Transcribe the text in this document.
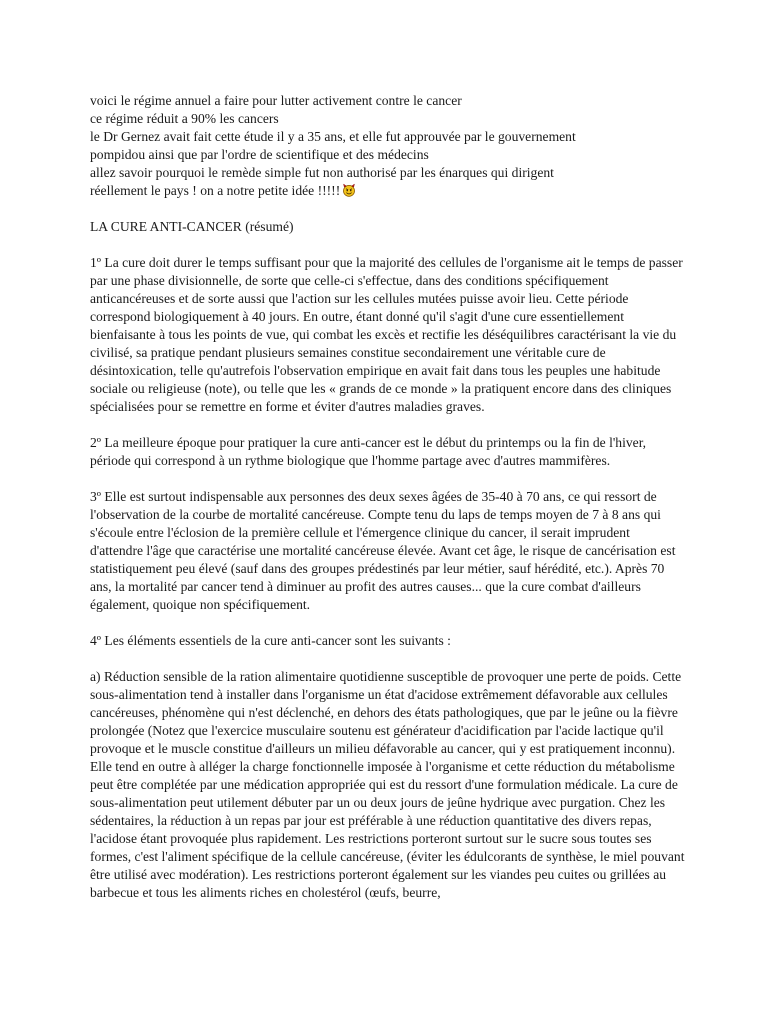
voici le régime annuel a faire pour lutter activement contre le cancer
ce régime réduit a 90% les cancers
le Dr Gernez avait fait cette étude il y a 35 ans, et elle fut approuvée par le gouvernement
pompidou ainsi que par l'ordre de scientifique et des médecins
allez savoir pourquoi le remède simple fut non authorisé par les énarques qui dirigent
réellement le pays ! on a notre petite idée !!!!!
LA CURE ANTI-CANCER (résumé)

1º La cure doit durer le temps suffisant pour que la majorité des cellules de l'organisme ait le temps de passer par une phase divisionnelle, de sorte que celle-ci s'effectue, dans des conditions spécifiquement anticancéreuses et de sorte aussi que l'action sur les cellules mutées puisse avoir lieu. Cette période correspond biologiquement à 40 jours. En outre, étant donné qu'il s'agit d'une cure essentiellement bienfaisante à tous les points de vue, qui combat les excès et rectifie les déséquilibres caractérisant la vie du civilisé, sa pratique pendant plusieurs semaines constitue secondairement une véritable cure de désintoxication, telle qu'autrefois l'observation empirique en avait fait dans tous les peuples une habitude sociale ou religieuse (note), ou telle que les « grands de ce monde » la pratiquent encore dans des cliniques spécialisées pour se remettre en forme et éviter d'autres maladies graves.

2º La meilleure époque pour pratiquer la cure anti-cancer est le début du printemps ou la fin de l'hiver, période qui correspond à un rythme biologique que l'homme partage avec d'autres mammifères.

3º Elle est surtout indispensable aux personnes des deux sexes âgées de 35-40 à 70 ans, ce qui ressort de l'observation de la courbe de mortalité cancéreuse. Compte tenu du laps de temps moyen de 7 à 8 ans qui s'écoule entre l'éclosion de la première cellule et l'émergence clinique du cancer, il serait imprudent d'attendre l'âge que caractérise une mortalité cancéreuse élevée. Avant cet âge, le risque de cancérisation est statistiquement peu élevé (sauf dans des groupes prédestinés par leur métier, sauf hérédité, etc.). Après 70 ans, la mortalité par cancer tend à diminuer au profit des autres causes... que la cure combat d'ailleurs également, quoique non spécifiquement.

4º Les éléments essentiels de la cure anti-cancer sont les suivants :

a) Réduction sensible de la ration alimentaire quotidienne susceptible de provoquer une perte de poids. Cette sous-alimentation tend à installer dans l'organisme un état d'acidose extrêmement défavorable aux cellules cancéreuses, phénomène qui n'est déclenché, en dehors des états pathologiques, que par le jeûne ou la fièvre prolongée (Notez que l'exercice musculaire soutenu est générateur d'acidification par l'acide lactique qu'il provoque et le muscle constitue d'ailleurs un milieu défavorable au cancer, qui y est pratiquement inconnu). Elle tend en outre à alléger la charge fonctionnelle imposée à l'organisme et cette réduction du métabolisme peut être complétée par une médication appropriée qui est du ressort d'une formulation médicale. La cure de sous-alimentation peut utilement débuter par un ou deux jours de jeûne hydrique avec purgation. Chez les sédentaires, la réduction à un repas par jour est préférable à une réduction quantitative des divers repas, l'acidose étant provoquée plus rapidement. Les restrictions porteront surtout sur le sucre sous toutes ses formes, c'est l'aliment spécifique de la cellule cancéreuse, (éviter les édulcorants de synthèse, le miel pouvant être utilisé avec modération). Les restrictions porteront également sur les viandes peu cuites ou grillées au barbecue et tous les aliments riches en cholestérol (œufs, beurre,
